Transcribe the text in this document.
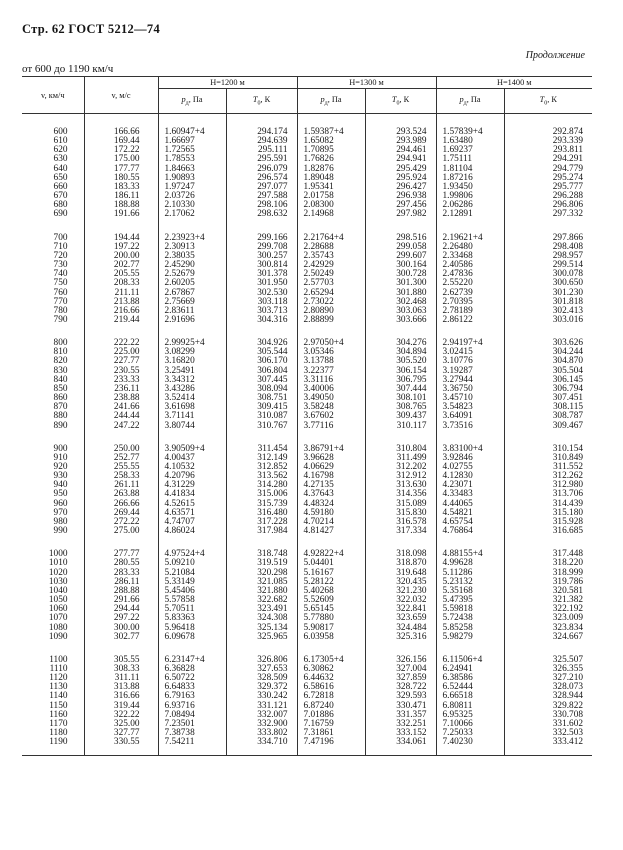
Стр. 62 ГОСТ 5212—74
Продолжение
от 600 до 1190 км/ч
v, км/ч	v, м/с	H=1200 м		H=1300 м		H=1400 м	
		$p_д$, Па	$T_0$, К	$p_д$, Па	$T_0$, К	$p_д$, Па	$T_0$, К

600	166.66	1.60947+4	294.174	1.59387+4	293.524	1.57839+4	292.874
610	169.44	1.66697	294.639	1.65082	293.989	1.63480	293.339
620	172.22	1.72565	295.111	1.70895	294.461	1.69237	293.811
630	175.00	1.78553	295.591	1.76826	294.941	1.75111	294.291
640	177.77	1.84663	296.079	1.82876	295.429	1.81104	294.779
650	180.55	1.90893	296.574	1.89048	295.924	1.87216	295.274
660	183.33	1.97247	297.077	1.95341	296.427	1.93450	295.777
670	186.11	2.03726	297.588	2.01758	296.938	1.99806	296.288
680	188.88	2.10330	298.106	2.08300	297.456	2.06286	296.806
690	191.66	2.17062	298.632	2.14968	297.982	2.12891	297.332

700	194.44	2.23923+4	299.166	2.21764+4	298.516	2.19621+4	297.866
710	197.22	2.30913	299.708	2.28688	299.058	2.26480	298.408
720	200.00	2.38035	300.257	2.35743	299.607	2.33468	298.957
730	202.77	2.45290	300.814	2.42929	300.164	2.40586	299.514
740	205.55	2.52679	301.378	2.50249	300.728	2.47836	300.078
750	208.33	2.60205	301.950	2.57703	301.300	2.55220	300.650
760	211.11	2.67867	302.530	2.65294	301.880	2.62739	301.230
770	213.88	2.75669	303.118	2.73022	302.468	2.70395	301.818
780	216.66	2.83611	303.713	2.80890	303.063	2.78189	302.413
790	219.44	2.91696	304.316	2.88899	303.666	2.86122	303.016

800	222.22	2.99925+4	304.926	2.97050+4	304.276	2.94197+4	303.626
810	225.00	3.08299	305.544	3.05346	304.894	3.02415	304.244
820	227.77	3.16820	306.170	3.13788	305.520	3.10776	304.870
830	230.55	3.25491	306.804	3.22377	306.154	3.19287	305.504
840	233.33	3.34312	307.445	3.31116	306.795	3.27944	306.145
850	236.11	3.43286	308.094	3.40006	307.444	3.36750	306.794
860	238.88	3.52414	308.751	3.49050	308.101	3.45710	307.451
870	241.66	3.61698	309.415	3.58248	308.765	3.54823	308.115
880	244.44	3.71141	310.087	3.67602	309.437	3.64091	308.787
890	247.22	3.80744	310.767	3.77116	310.117	3.73516	309.467

900	250.00	3.90509+4	311.454	3.86791+4	310.804	3.83100+4	310.154
910	252.77	4.00437	312.149	3.96628	311.499	3.92846	310.849
920	255.55	4.10532	312.852	4.06629	312.202	4.02755	311.552
930	258.33	4.20796	313.562	4.16798	312.912	4.12830	312.262
940	261.11	4.31229	314.280	4.27135	313.630	4.23071	312.980
950	263.88	4.41834	315.006	4.37643	314.356	4.33483	313.706
960	266.66	4.52615	315.739	4.48324	315.089	4.44065	314.439
970	269.44	4.63571	316.480	4.59180	315.830	4.54821	315.180
980	272.22	4.74707	317.228	4.70214	316.578	4.65754	315.928
990	275.00	4.86024	317.984	4.81427	317.334	4.76864	316.685

1000	277.77	4.97524+4	318.748	4.92822+4	318.098	4.88155+4	317.448
1010	280.55	5.09210	319.519	5.04401	318.870	4.99628	318.220
1020	283.33	5.21084	320.298	5.16167	319.648	5.11286	318.999
1030	286.11	5.33149	321.085	5.28122	320.435	5.23132	319.786
1040	288.88	5.45406	321.880	5.40268	321.230	5.35168	320.581
1050	291.66	5.57858	322.682	5.52609	322.032	5.47395	321.382
1060	294.44	5.70511	323.491	5.65145	322.841	5.59818	322.192
1070	297.22	5.83363	324.308	5.77880	323.659	5.72438	323.009
1080	300.00	5.96418	325.134	5.90817	324.484	5.85258	323.834
1090	302.77	6.09678	325.965	6.03958	325.316	5.98279	324.667

1100	305.55	6.23147+4	326.806	6.17305+4	326.156	6.11506+4	325.507
1110	308.33	6.36828	327.653	6.30862	327.004	6.24941	326.355
1120	311.11	6.50722	328.509	6.44632	327.859	6.38586	327.210
1130	313.88	6.64833	329.372	6.58616	328.722	6.52444	328.073
1140	316.66	6.79163	330.242	6.72818	329.593	6.66518	328.944
1150	319.44	6.93716	331.121	6.87240	330.471	6.80811	329.822
1160	322.22	7.08494	332.007	7.01886	331.357	6.95325	330.708
1170	325.00	7.23501	332.900	7.16759	332.251	7.10066	331.602
1180	327.77	7.38738	333.802	7.31861	333.152	7.25033	332.503
1190	330.55	7.54211	334.710	7.47196	334.061	7.40230	333.412
